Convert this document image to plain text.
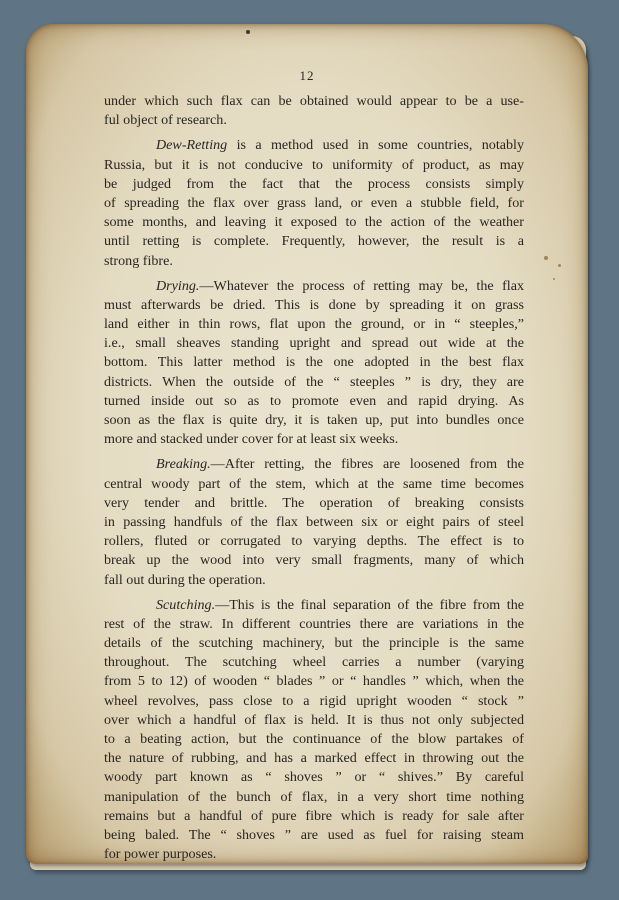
12
under which such flax can be obtained would appear to be a use-
ful object of research.
Dew-Retting is a method used in some countries, notably
Russia, but it is not conducive to uniformity of product, as may
be judged from the fact that the process consists simply
of spreading the flax over grass land, or even a stubble field, for
some months, and leaving it exposed to the action of the weather
until retting is complete. Frequently, however, the result is a
strong fibre.
Drying.—Whatever the process of retting may be, the flax
must afterwards be dried. This is done by spreading it on grass
land either in thin rows, flat upon the ground, or in “ steeples,”
i.e., small sheaves standing upright and spread out wide at the
bottom. This latter method is the one adopted in the best flax
districts. When the outside of the “ steeples ” is dry, they are
turned inside out so as to promote even and rapid drying. As
soon as the flax is quite dry, it is taken up, put into bundles once
more and stacked under cover for at least six weeks.
Breaking.—After retting, the fibres are loosened from the
central woody part of the stem, which at the same time becomes
very tender and brittle. The operation of breaking consists
in passing handfuls of the flax between six or eight pairs of steel
rollers, fluted or corrugated to varying depths. The effect is to
break up the wood into very small fragments, many of which
fall out during the operation.
Scutching.—This is the final separation of the fibre from the
rest of the straw. In different countries there are variations in the
details of the scutching machinery, but the principle is the same
throughout. The scutching wheel carries a number (varying
from 5 to 12) of wooden “ blades ” or “ handles ” which, when the
wheel revolves, pass close to a rigid upright wooden “ stock ”
over which a handful of flax is held. It is thus not only subjected
to a beating action, but the continuance of the blow partakes of
the nature of rubbing, and has a marked effect in throwing out the
woody part known as “ shoves ” or “ shives.” By careful
manipulation of the bunch of flax, in a very short time nothing
remains but a handful of pure fibre which is ready for sale after
being baled. The “ shoves ” are used as fuel for raising steam
for power purposes.
